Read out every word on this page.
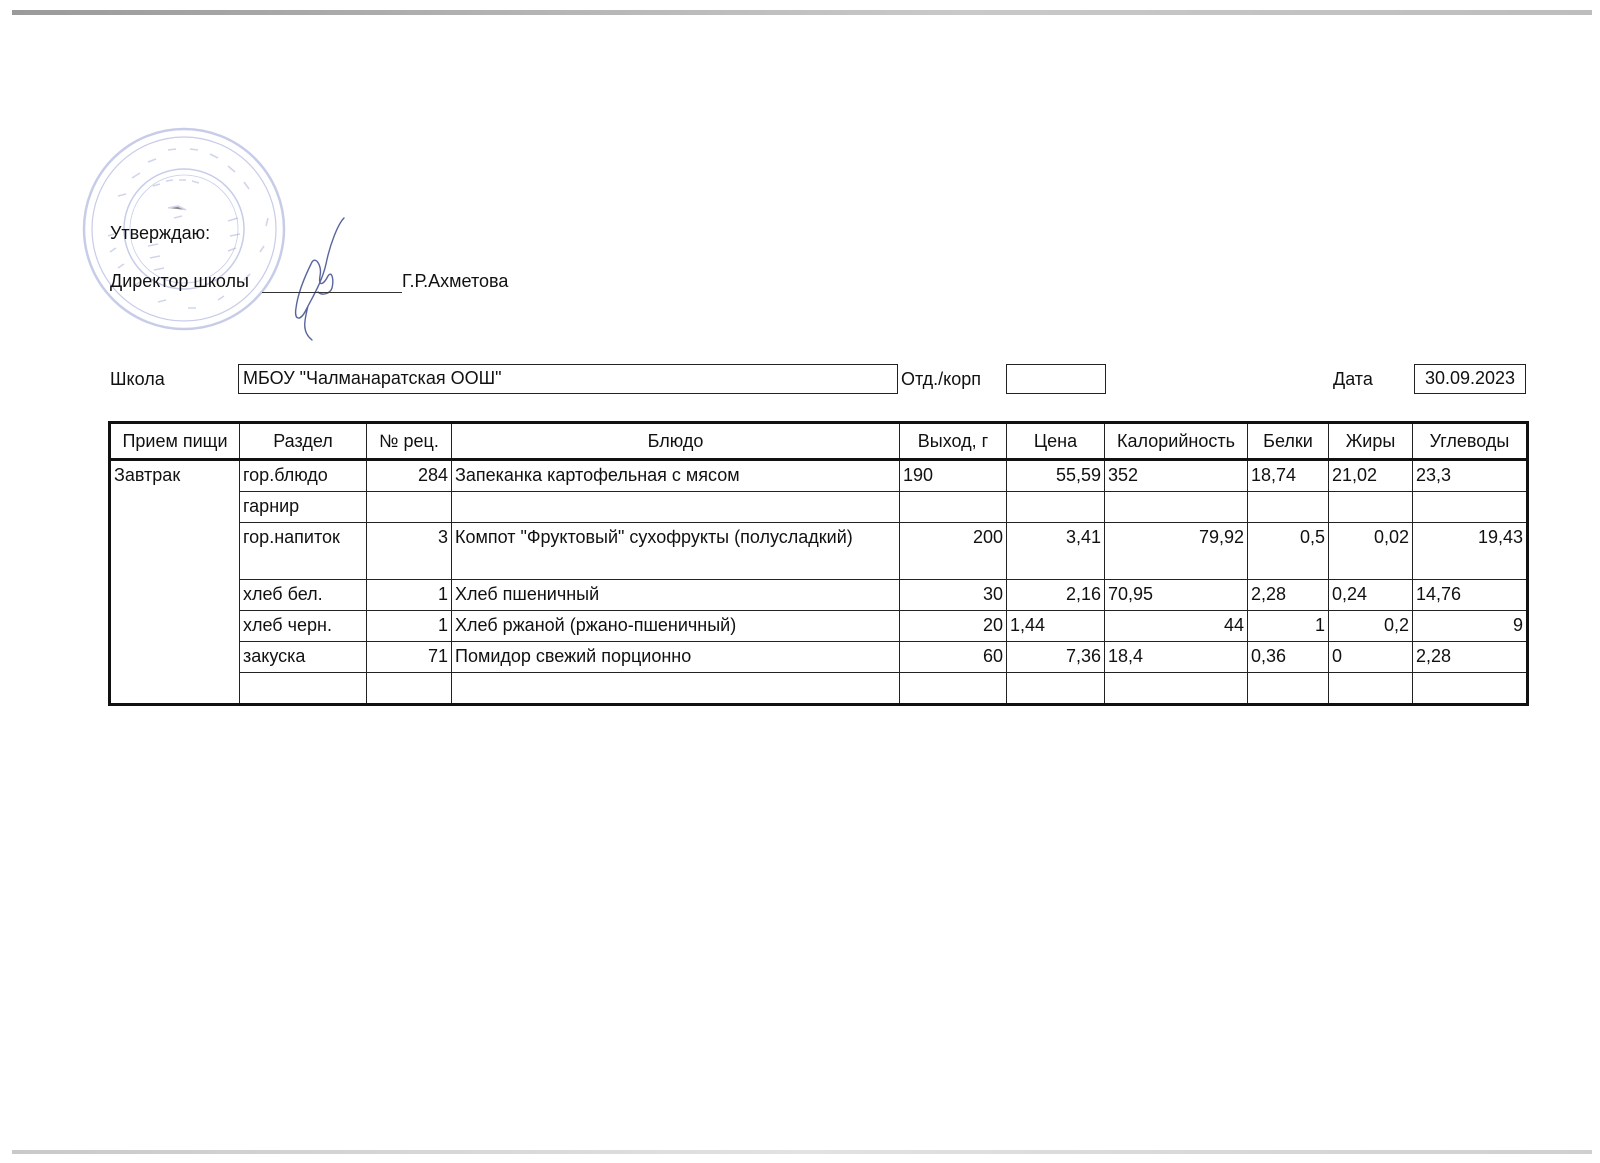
Утверждаю:
Директор школы	Г.Р.Ахметова
Школа	МБОУ "Чалманаратская ООШ"	Отд./корп	Дата	30.09.2023
Прием пищи	Раздел	№ рец.	Блюдо	Выход, г	Цена	Калорийность	Белки	Жиры	Углеводы
Завтрак	гор.блюдо	284	Запеканка картофельная с мясом	190	55,59	352	18,74	21,02	23,3
	гарнир								
	гор.напиток	3	Компот "Фруктовый" сухофрукты (полусладкий)	200	3,41	79,92	0,5	0,02	19,43
	хлеб бел.	1	Хлеб пшеничный	30	2,16	70,95	2,28	0,24	14,76
	хлеб черн.	1	Хлеб ржаной (ржано-пшеничный)	20	1,44	44	1	0,2	9
	закуска	71	Помидор свежий порционно	60	7,36	18,4	0,36	0	2,28
